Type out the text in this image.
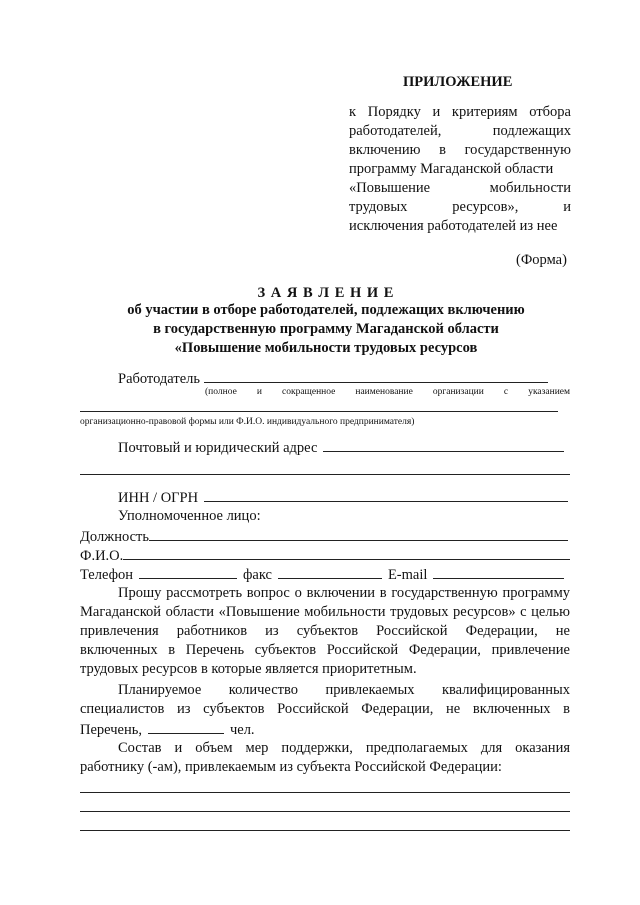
ПРИЛОЖЕНИЕ
к Порядку и критериям отбора
работодателей, подлежащих
включению в государственную
программу Магаданской области
«Повышение мобильности
трудовых ресурсов», и
исключения работодателей из нее
(Форма)
З А Я В Л Е Н И Е
об участии в отборе работодателей, подлежащих включению
в государственную программу Магаданской области
«Повышение мобильности трудовых ресурсов
Работодатель
(полное и сокращенное наименование организации с указанием
организационно-правовой формы или Ф.И.О. индивидуального предпринимателя)
Почтовый и юридический адрес
ИНН / ОГРН
Уполномоченное лицо:
Должность
Ф.И.О.
Телефон	факс	E-mail
Прошу рассмотреть вопрос о включении в государственную программу
Магаданской области «Повышение мобильности трудовых ресурсов» с целью
привлечения работников из субъектов Российской Федерации, не
включенных в Перечень субъектов Российской Федерации, привлечение
трудовых ресурсов в которые является приоритетным.
Планируемое количество привлекаемых квалифицированных
специалистов из субъектов Российской Федерации, не включенных в
Перечень,	чел.
Состав и объем мер поддержки, предполагаемых для оказания
работнику (-ам), привлекаемым из субъекта Российской Федерации:
